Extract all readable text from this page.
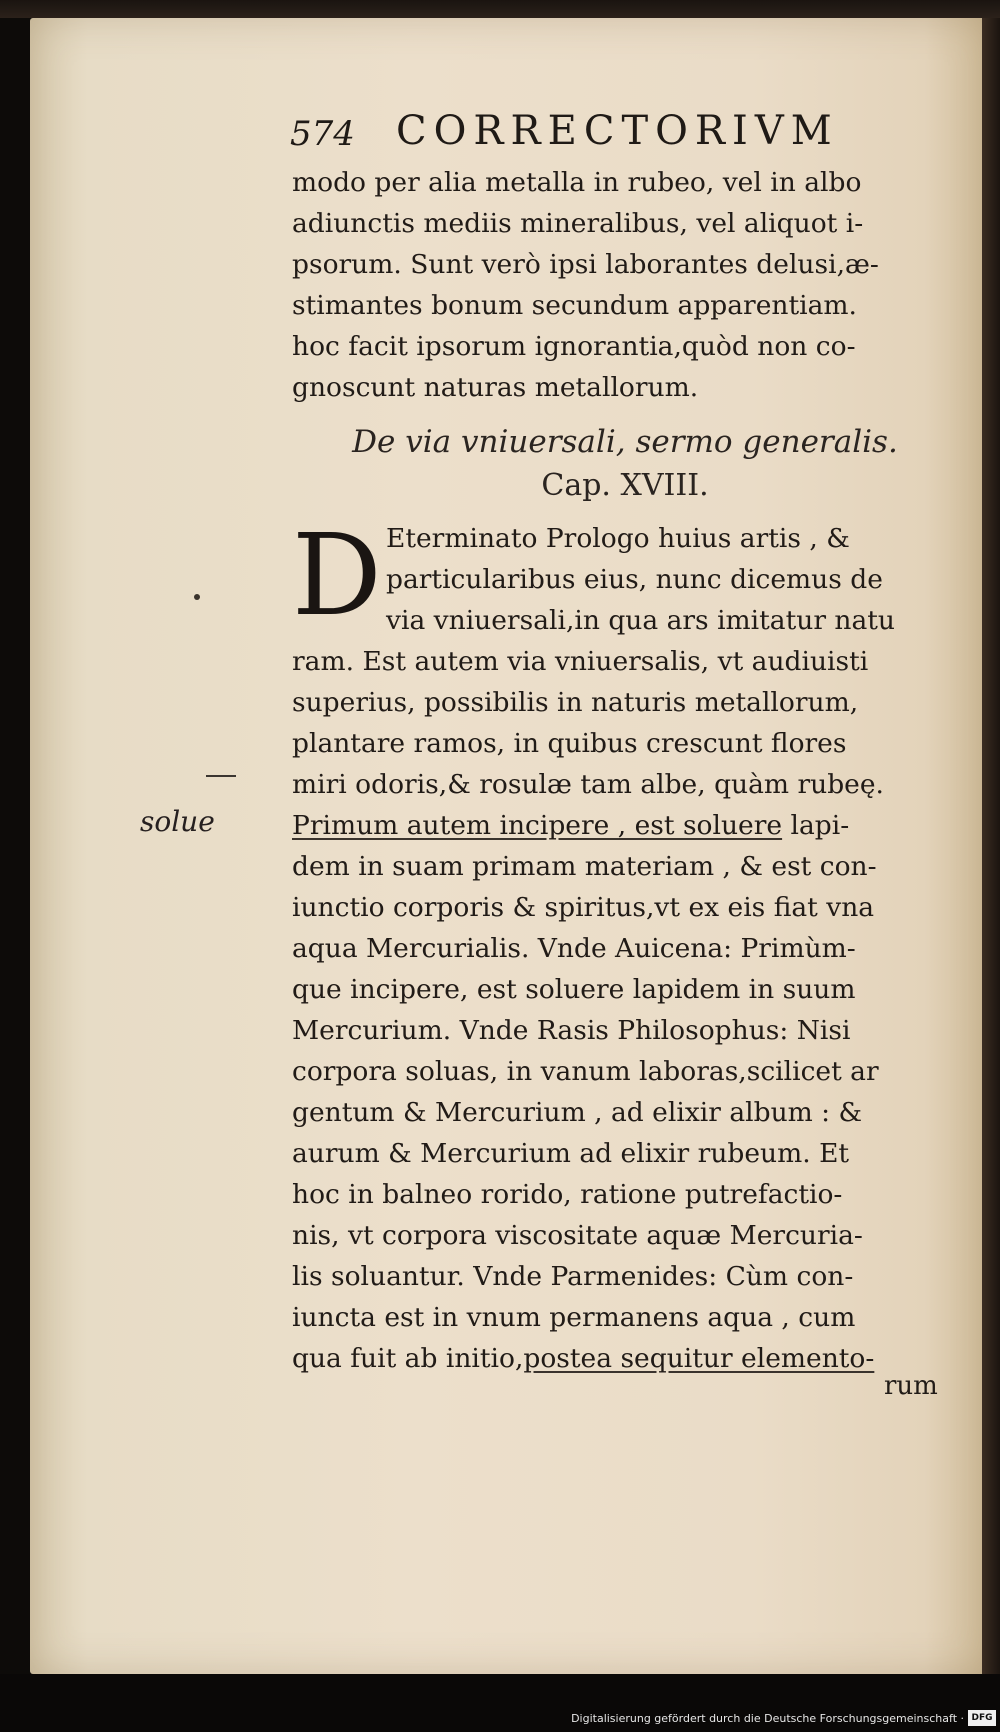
574 CORRECTORIVM
modo per alia metalla in rubeo, vel in albo
adiunctis mediis mineralibus, vel aliquot i-
psorum. Sunt verò ipsi laborantes delusi,æ-
stimantes bonum secundum apparentiam.
hoc facit ipsorum ignorantia,quòd non co-
gnoscunt naturas metallorum.
De via vniuersali, sermo generalis.
Cap. XVIII.
D Eterminato Prologo huius artis , &
particularibus eius, nunc dicemus de
via vniuersali,in qua ars imitatur natu
ram. Est autem via vniuersalis, vt audiuisti
superius, possibilis in naturis metallorum,
plantare ramos, in quibus crescunt flores
miri odoris,& rosulæ tam albe, quàm rubeę.
Primum autem incipere , est soluere lapi-
dem in suam primam materiam , & est con-
iunctio corporis & spiritus,vt ex eis fiat vna
aqua Mercurialis. Vnde Auicena: Primùm-
que incipere, est soluere lapidem in suum
Mercurium. Vnde Rasis Philosophus: Nisi
corpora soluas, in vanum laboras,scilicet ar
gentum & Mercurium , ad elixir album : &
aurum & Mercurium ad elixir rubeum. Et
hoc in balneo rorido, ratione putrefactio-
nis, vt corpora viscositate aquæ Mercuria-
lis soluantur. Vnde Parmenides: Cùm con-
iuncta est in vnum permanens aqua , cum
qua fuit ab initio,postea sequitur elemento-
rum
solue
Digitalisierung gefördert durch die Deutsche Forschungsgemeinschaft · DFG
